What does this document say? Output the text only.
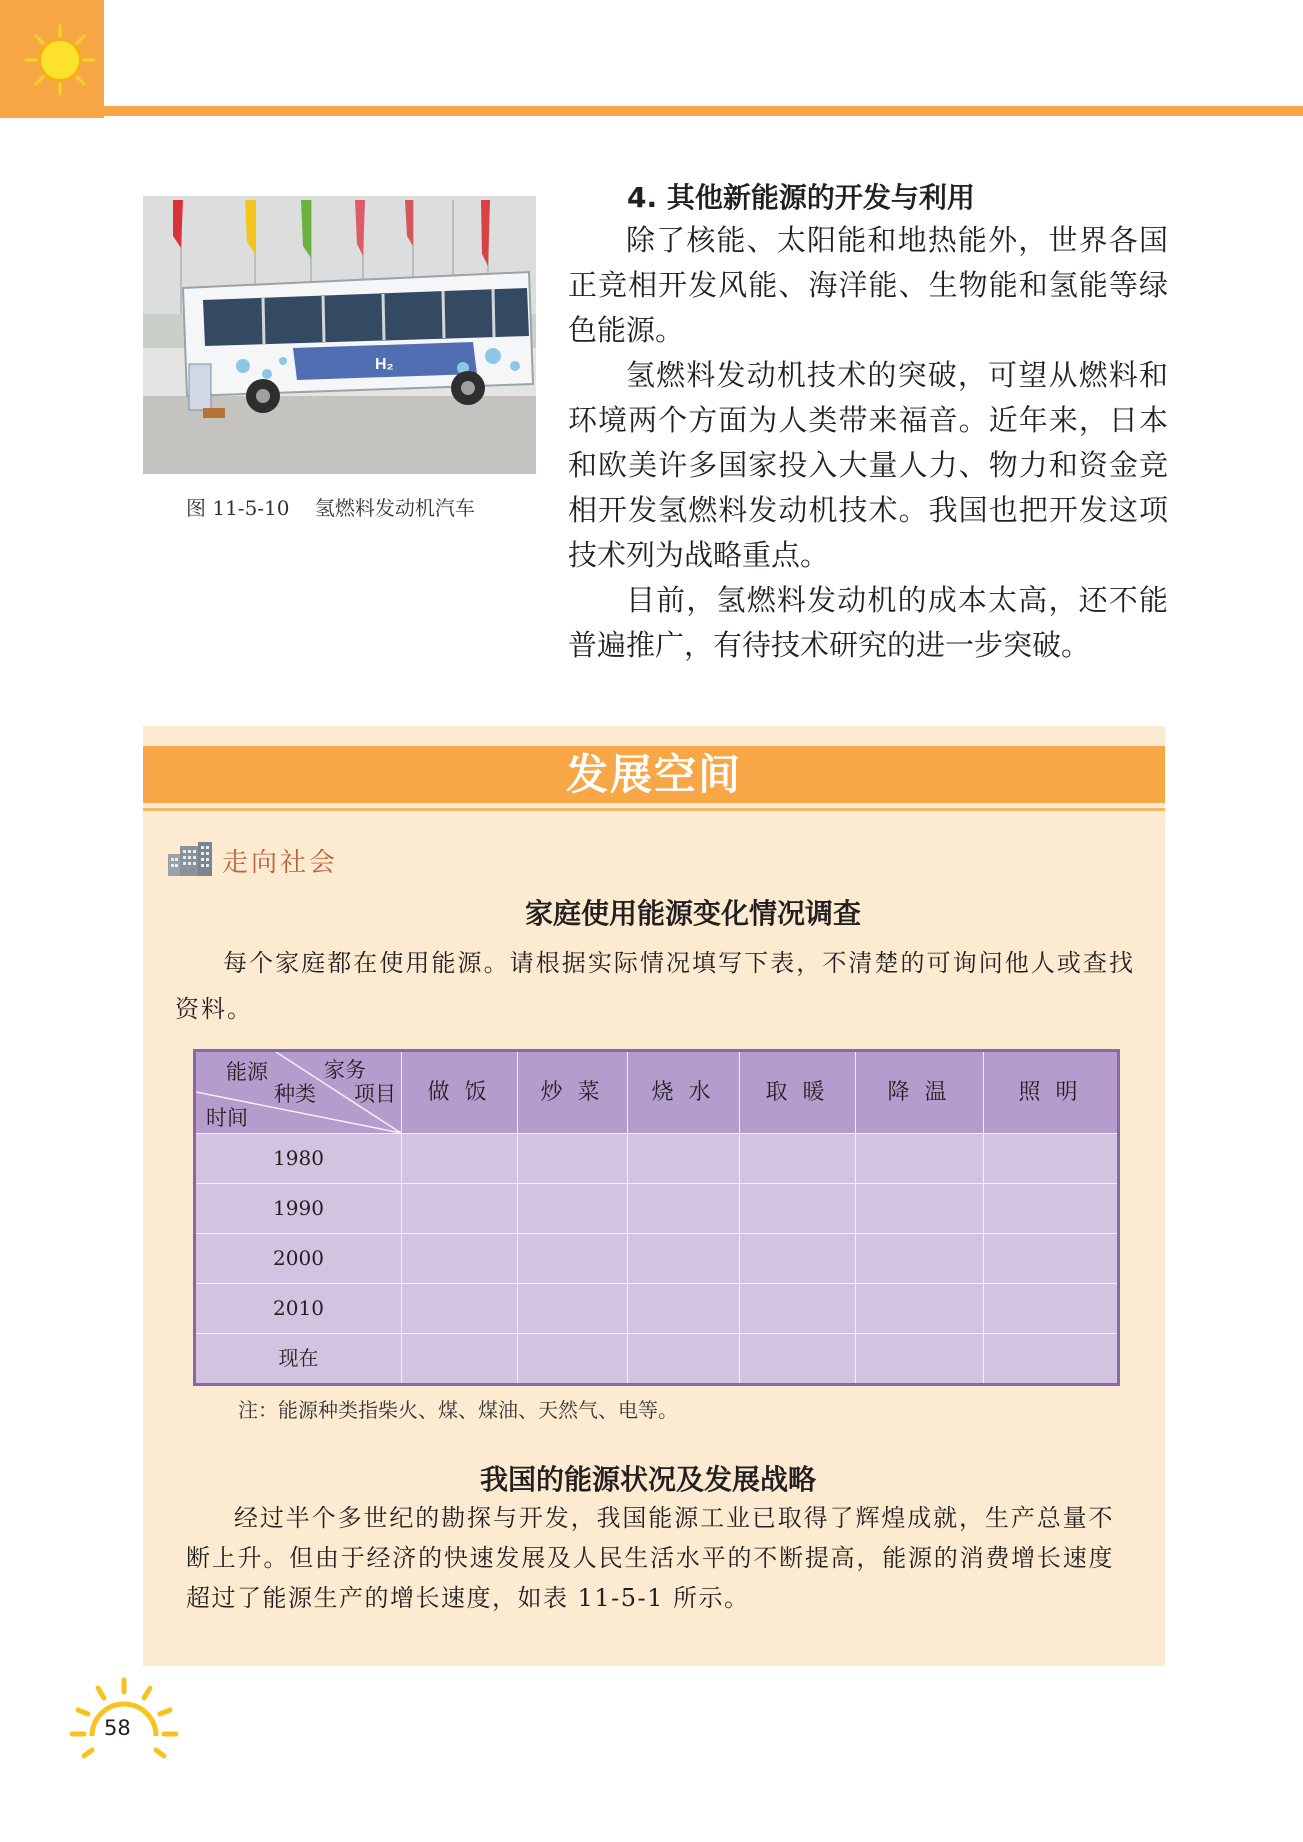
H₂
图 11-5-10    氢燃料发动机汽车
4. 其他新能源的开发与利用

除了核能、太阳能和地热能外，世界各国正竞相开发风能、海洋能、生物能和氢能等绿色能源。

氢燃料发动机技术的突破，可望从燃料和环境两个方面为人类带来福音。近年来，日本和欧美许多国家投入大量人力、物力和资金竞相开发氢燃料发动机技术。我国也把开发这项技术列为战略重点。

目前，氢燃料发动机的成本太高，还不能普遍推广，有待技术研究的进一步突破。

发展空间
走向社会
家庭使用能源变化情况调查
每个家庭都在使用能源。请根据实际情况填写下表，不清楚的可询问他人或查找资料。
能源	家务
种类 项目
时间
做 饭	炒 菜	烧 水	取 暖	降 温	照 明
1980
1990
2000
2010
现在
注：能源种类指柴火、煤、煤油、天然气、电等。
我国的能源状况及发展战略
经过半个多世纪的勘探与开发，我国能源工业已取得了辉煌成就，生产总量不断上升。但由于经济的快速发展及人民生活水平的不断提高，能源的消费增长速度超过了能源生产的增长速度，如表 11-5-1 所示。
58
